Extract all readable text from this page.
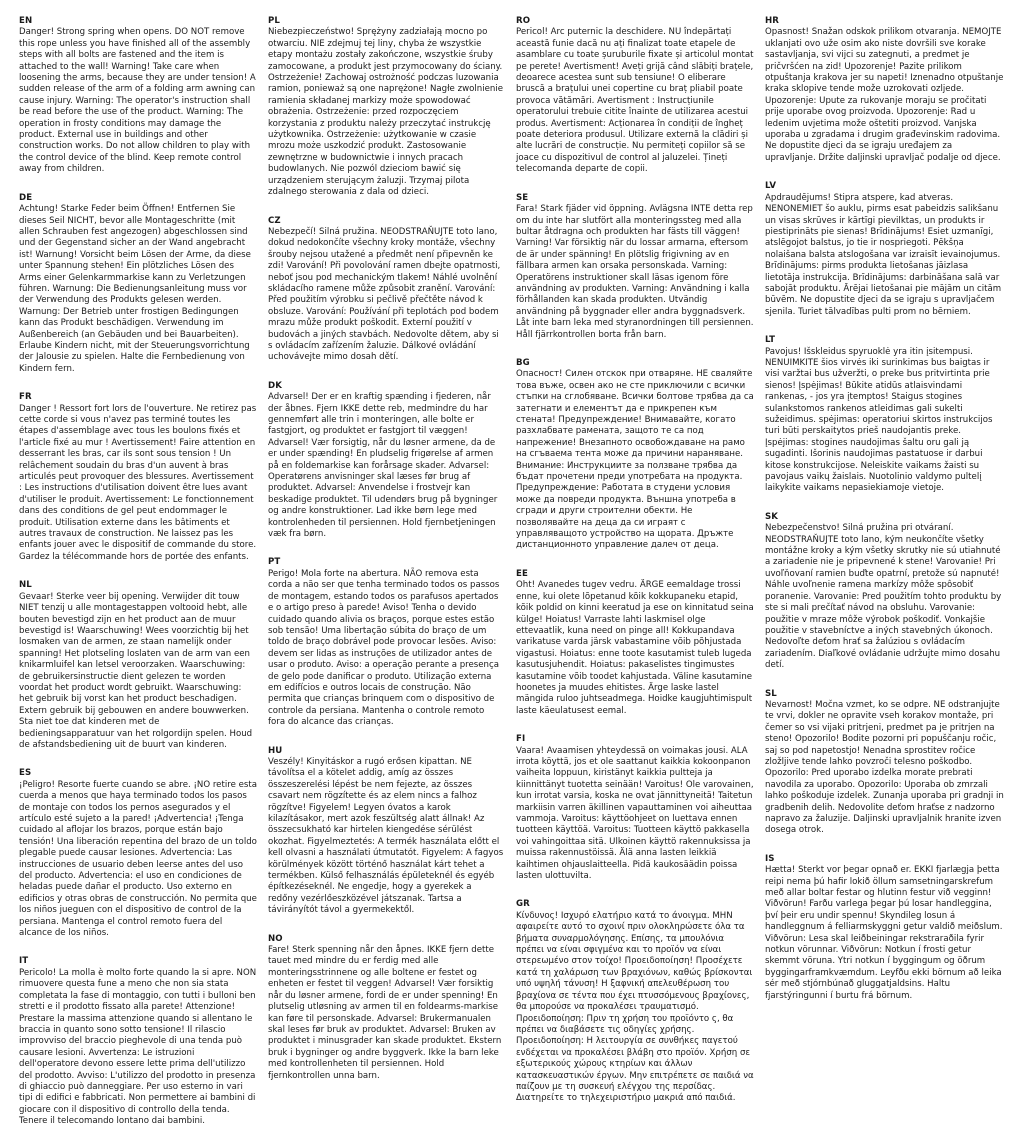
EN

Danger! Strong spring when opens. DO NOT remove this rope unless you have finished all of the assembly steps with all bolts are fastened and the item is attached to the wall! Warning! Take care when loosening the arms, because they are under tension! A sudden release of the arm of a folding arm awning can cause injury. Warning: The operator's instruction shall be read before the use of the product. Warning: The operation in frosty conditions may damage the product. External use in buildings and other construction works. Do not allow children to play with the control device of the blind. Keep remote control away from children.

DE

Achtung! Starke Feder beim Öffnen! Entfernen Sie dieses Seil NICHT, bevor alle Montageschritte (mit allen Schrauben fest angezogen) abgeschlossen sind und der Gegenstand sicher an der Wand angebracht ist! Warnung! Vorsicht beim Lösen der Arme, da diese unter Spannung stehen! Ein plötzliches Lösen des Arms einer Gelenkarmmarkise kann zu Verletzungen führen. Warnung: Die Bedienungsanleitung muss vor der Verwendung des Produkts gelesen werden. Warnung: Der Betrieb unter frostigen Bedingungen kann das Produkt beschädigen. Verwendung im Außenbereich (an Gebäuden und bei Bauarbeiten). Erlaube Kindern nicht, mit der Steuerungsvorrichtung der Jalousie zu spielen. Halte die Fernbedienung von Kindern fern.

FR

Danger ! Ressort fort lors de l'ouverture. Ne retirez pas cette corde si vous n'avez pas terminé toutes les étapes d'assemblage avec tous les boulons fixés et l'article fixé au mur ! Avertissement! Faire attention en desserrant les bras, car ils sont sous tension ! Un relâchement soudain du bras d'un auvent à bras articulés peut provoquer des blessures. Avertissement : Les instructions d'utilisation doivent être lues avant d'utiliser le produit. Avertissement: Le fonctionnement dans des conditions de gel peut endommager le produit. Utilisation externe dans les bâtiments et autres travaux de construction. Ne laissez pas les enfants jouer avec le dispositif de commande du store. Gardez la télécommande hors de portée des enfants.

NL

Gevaar! Sterke veer bij opening. Verwijder dit touw NIET tenzij u alle montagestappen voltooid hebt, alle bouten bevestigd zijn en het product aan de muur bevestigd is! Waarschuwing! Wees voorzichtig bij het losmaken van de armen, ze staan namelijk onder spanning! Het plotseling loslaten van de arm van een knikarmluifel kan letsel veroorzaken. Waarschuwing: de gebruikersinstructie dient gelezen te worden voordat het product wordt gebruikt. Waarschuwing: het gebruik bij vorst kan het product beschadigen. Extern gebruik bij gebouwen en andere bouwwerken. Sta niet toe dat kinderen met de bedieningsapparatuur van het rolgordijn spelen. Houd de afstandsbediening uit de buurt van kinderen.

ES

¡Peligro! Resorte fuerte cuando se abre. ¡NO retire esta cuerda a menos que haya terminado todos los pasos de montaje con todos los pernos asegurados y el artículo esté sujeto a la pared! ¡Advertencia! ¡Tenga cuidado al aflojar los brazos, porque están bajo tensión! Una liberación repentina del brazo de un toldo plegable puede causar lesiones. Advertencia: Las instrucciones de usuario deben leerse antes del uso del producto. Advertencia: el uso en condiciones de heladas puede dañar el producto. Uso externo en edificios y otras obras de construcción. No permita que los niños jueguen con el dispositivo de control de la persiana. Mantenga el control remoto fuera del alcance de los niños.

IT

Pericolo! La molla è molto forte quando la si apre. NON rimuovere questa fune a meno che non sia stata completata la fase di montaggio, con tutti i bulloni ben stretti e il prodotto fissato alla parete! Attenzione! Prestare la massima attenzione quando si allentano le braccia in quanto sono sotto tensione! Il rilascio improvviso del braccio pieghevole di una tenda può causare lesioni. Avvertenza: Le istruzioni dell'operatore devono essere lette prima dell'utilizzo del prodotto. Avviso: L'utilizzo del prodotto in presenza di ghiaccio può danneggiare. Per uso esterno in vari tipi di edifici e fabbricati. Non permettere ai bambini di giocare con il dispositivo di controllo della tenda. Tenere il telecomando lontano dai bambini.

PL

Niebezpieczeństwo! Sprężyny zadziałają mocno po otwarciu. NIE zdejmuj tej liny, chyba że wszystkie etapy montażu zostały zakończone, wszystkie śruby zamocowane, a produkt jest przymocowany do ściany. Ostrzeżenie! Zachowaj ostrożność podczas luzowania ramion, ponieważ są one naprężone! Nagłe zwolnienie ramienia składanej markizy może spowodować obrażenia. Ostrzeżenie: przed rozpoczęciem korzystania z produktu należy przeczytać instrukcję użytkownika. Ostrzeżenie: użytkowanie w czasie mrozu może uszkodzić produkt. Zastosowanie zewnętrzne w budownictwie i innych pracach budowlanych. Nie pozwól dzieciom bawić się urządzeniem sterującym żaluzji. Trzymaj pilota zdalnego sterowania z dala od dzieci.

CZ

Nebezpečí! Silná pružina. NEODSTRAŇUJTE toto lano, dokud nedokončíte všechny kroky montáže, všechny šrouby nejsou utažené a předmět není připevněn ke zdi! Varování! Při povolování ramen dbejte opatrnosti, neboť jsou pod mechanickým tlakem! Náhlé uvolnění skládacího ramene může způsobit zranění. Varování: Před použitím výrobku si pečlivě přečtěte návod k obsluze. Varování: Používání při teplotách pod bodem mrazu může produkt poškodit. Externí použití v budovách a jiných stavbách. Nedovolte dětem, aby si s ovládacím zařízením žaluzie. Dálkové ovládání uchovávejte mimo dosah dětí.

DK

Advarsel! Der er en kraftig spænding i fjederen, når der åbnes. Fjern IKKE dette reb, medmindre du har gennemført alle trin i monteringen, alle bolte er fastgjort, og produktet er fastgjort til væggen! Advarsel! Vær forsigtig, når du løsner armene, da de er under spænding! En pludselig frigørelse af armen på en foldemarkise kan forårsage skader. Advarsel: Operatørens anvisninger skal læses før brug af produktet. Advarsel: Anvendelse i frostvejr kan beskadige produktet. Til udendørs brug på bygninger og andre konstruktioner. Lad ikke børn lege med kontrolenheden til persiennen. Hold fjernbetjeningen væk fra børn.

PT

Perigo! Mola forte na abertura. NÃO remova esta corda a não ser que tenha terminado todos os passos de montagem, estando todos os parafusos apertados e o artigo preso à parede! Aviso! Tenha o devido cuidado quando alivia os braços, porque estes estão sob tensão! Uma libertação súbita do braço de um toldo de braço dobrável pode provocar lesões. Aviso: devem ser lidas as instruções de utilizador antes de usar o produto. Aviso: a operação perante a presença de gelo pode danificar o produto. Utilização externa em edifícios e outros locais de construção. Não permita que crianças brinquem com o dispositivo de controle da persiana. Mantenha o controle remoto fora do alcance das crianças.

HU

Veszély! Kinyitáskor a rugó erősen kipattan. NE távolítsa el a kötelet addig, amíg az összes összeszerelési lépést be nem fejezte, az összes csavart nem rögzítette és az elem nincs a falhoz rögzítve! Figyelem! Legyen óvatos a karok kilazításakor, mert azok feszültség alatt állnak! Az összecsukható kar hirtelen kiengedése sérülést okozhat. Figyelmeztetés: A termék használata előtt el kell olvasni a használati útmutatót. Figyelem: A fagyos körülmények között történő használat kárt tehet a termékben. Külső felhasználás épületeknél és egyéb építkezéseknél. Ne engedje, hogy a gyerekek a redőny vezérlőeszközével játszanak. Tartsa a távirányítót távol a gyermekektől.

NO

Fare! Sterk spenning når den åpnes. IKKE fjern dette tauet med mindre du er ferdig med alle monteringsstrinnene og alle boltene er festet og enheten er festet til veggen! Advarsel! Vær forsiktig når du løsner armene, fordi de er under spenning! En plutselig utløsning av armen til en foldearms-markise kan føre til personskade. Advarsel: Brukermanualen skal leses før bruk av produktet. Advarsel: Bruken av produktet i minusgrader kan skade produktet. Ekstern bruk i bygninger og andre byggverk. Ikke la barn leke med kontrollenheten til persiennen. Hold fjernkontrollen unna barn.

RO

Pericol! Arc puternic la deschidere. NU îndepărtați această funie dacă nu ați finalizat toate etapele de asamblare cu toate șuruburile fixate și articolul montat pe perete! Avertisment! Aveți grijă când slăbiți brațele, deoarece acestea sunt sub tensiune! O eliberare bruscă a brațului unei copertine cu braț pliabil poate provoca vătămări. Avertisment : Instrucțiunile operatorului trebuie citite înainte de utilizarea acestui produs. Avertisment: Acționarea în condiții de îngheț poate deteriora produsul. Utilizare externă la clădiri și alte lucrări de construcție. Nu permiteți copiilor să se joace cu dispozitivul de control al jaluzelei. Țineți telecomanda departe de copii.

SE

Fara! Stark fjäder vid öppning. Avlägsna INTE detta rep om du inte har slutfört alla monteringssteg med alla bultar åtdragna och produkten har fästs till väggen! Varning! Var försiktig när du lossar armarna, eftersom de är under spänning! En plötslig frigivning av en fällbara armen kan orsaka personskada. Varning: Operatörens instruktioner skall läsas igenom före användning av produkten. Varning: Användning i kalla förhållanden kan skada produkten. Utvändig användning på byggnader eller andra byggnadsverk. Låt inte barn leka med styranordningen till persiennen. Håll fjärrkontrollen borta från barn.

BG

Опасност! Силен отскок при отваряне. НЕ сваляйте това въже, освен ако не сте приключили с всички стъпки на сглобяване. Всички болтове трябва да са затегнати и елементът да е прикрепен към стената! Предупреждение! Внимавайте, когато разхлабвате рамената, защото те са под напрежение! Внезапното освобождаване на рамо на сгъваема тента може да причини нараняване. Внимание: Инструкциите за ползване трябва да бъдат прочетени преди употребата на продукта. Предупреждение: Работата в студени условия може да повреди продукта. Външна употреба в сгради и други строителни обекти. Не позволявайте на деца да си играят с управляващото устройство на щората. Дръжте дистанционното управление далеч от деца.

EE

Oht! Avanedes tugev vedru. ÄRGE eemaldage trossi enne, kui olete lõpetanud kõik kokkupaneku etapid, kõik poldid on kinni keeratud ja ese on kinnitatud seina külge! Hoiatus! Varraste lahti laskmisel olge ettevaatlik, kuna need on pinge all! Kokkupandava varikatuse varda järsk vabastamine võib põhjustada vigastusi. Hoiatus: enne toote kasutamist tuleb lugeda kasutusjuhendit. Hoiatus: pakaselistes tingimustes kasutamine võib toodet kahjustada. Väline kasutamine hoonetes ja muudes ehitistes. Ärge laske lastel mängida ruloo juhtseadmega. Hoidke kaugjuhtimispult laste käeulatusest eemal.

FI

Vaara! Avaamisen yhteydessä on voimakas jousi. ALA irrota köyttä, jos et ole saattanut kaikkia kokoonpanon vaiheita loppuun, kiristänyt kaikkia pultteja ja kiinnittänyt tuotetta seinään! Varoitus! Ole varovainen, kun irrotat varsia, koska ne ovat jännittyneitä! Taitetun markiisin varren äkillinen vapauttaminen voi aiheuttaa vammoja. Varoitus: käyttöohjeet on luettava ennen tuotteen käyttöä. Varoitus: Tuotteen käyttö pakkasella voi vahingoittaa sitä. Ulkoinen käyttö rakennuksissa ja muissa rakennustöissä. Älä anna lasten leikkiä kaihtimen ohjauslaitteella. Pidä kaukosäädin poissa lasten ulottuvilta.

GR

Κίνδυνος! Ισχυρό ελατήριο κατά το άνοιγμα. ΜΗΝ αφαιρείτε αυτό το σχοινί πριν ολοκληρώσετε όλα τα βήματα συναρμολόγησης. Επίσης, τα μπουλόνια πρέπει να είναι σφιγμένα και το προϊόν να είναι στερεωμένο στον τοίχο! Προειδοποίηση! Προσέχετε κατά τη χαλάρωση των βραχιόνων, καθώς βρίσκονται υπό υψηλή τάνυση! Η ξαφνική απελευθέρωση του βραχίονα σε τέντα που έχει πτυσσόμενους βραχίονες, θα μπορούσε να προκαλέσει τραυματισμό. Προειδοποίηση: Πριν τη χρήση του προϊόντο ς, θα πρέπει να διαβάσετε τις οδηγίες χρήσης. Προειδοποίηση: Η λειτουργία σε συνθήκες παγετού ενδέχεται να προκαλέσει βλάβη στο προϊόν. Χρήση σε εξωτερικούς χώρους κτηρίων και άλλων κατασκευαστικών έργων. Μην επιτρέπετε σε παιδιά να παίζουν με τη συσκευή ελέγχου της περσίδας. Διατηρείτε το τηλεχειριστήριο μακριά από παιδιά.

HR

Opasnost! Snažan odskok prilikom otvaranja. NEMOJTE uklanjati ovo uže osim ako niste dovršili sve korake sastavljanja, svi vijci su zategnuti, a predmet je pričvršćen na zid! Upozorenje! Pazite prilikom otpuštanja krakova jer su napeti! Iznenadno otpuštanje kraka sklopive tende može uzrokovati ozljede. Upozorenje: Upute za rukovanje moraju se pročitati prije uporabe ovog proizvoda. Upozorenje: Rad u ledenim uvjetima može oštetiti proizvod. Vanjska uporaba u zgradama i drugim građevinskim radovima. Ne dopustite djeci da se igraju uređajem za upravljanje. Držite daljinski upravljač podalje od djece.

LV

Apdraudējums! Stipra atspere, kad atveras. NENONEMIET šo auklu, pirms esat pabeidzis salikšanu un visas skrūves ir kārtīgi pievilktas, un produkts ir piestiprināts pie sienas! Brīdinājums! Esiet uzmanīgi, atslēgojot balstus, jo tie ir nospriegoti. Pēkšņa nolaišana balsta atslogošana var izraisīt ievainojumus. Brīdinājums: pirms produkta lietošanas jāizlasa lietotāja instrukcija. Brīdinājums: darbināšana salā var sabojāt produktu. Ārējai lietošanai pie mājām un citām būvēm. Ne dopustite djeci da se igraju s upravljačem sjenila. Turiet tālvadības pulti prom no bērniem.

LT

Pavojus! Išskleidus spyruoklė yra itin įsitempusi. NENUIMKITE šios virvės iki surinkimas bus baigtas ir visi varžtai bus užveržti, o preke bus pritvirtinta prie sienos! Įspėjimas! Būkite atidūs atlaisvindami rankenas, - jos yra įtemptos! Staigus stogines sulankstomos rankenos atleidimas gali sukelti sužeidimus. spėjimas: operatoriui skirtos instrukcijos turi būti perskaitytos prieš naudojantis preke. Įspėjimas: stogines naudojimas šaltu oru gali ją sugadinti. Išorinis naudojimas pastatuose ir darbui kitose konstrukcijose. Neleiskite vaikams žaisti su pavojaus vaikų žaislais. Nuotolinio valdymo pultelį laikykite vaikams nepasiekiamoje vietoje.

SK

Nebezpečenstvo! Silná pružina pri otváraní. NEODSTRAŇUJTE toto lano, kým neukončíte všetky montážne kroky a kým všetky skrutky nie sú utiahnuté a zariadenie nie je pripevnené k stene! Varovanie! Pri uvoľňovaní ramien buďte opatrní, pretože sú napnuté! Náhle uvoľnenie ramena markízy môže spôsobiť poranenie. Varovanie: Pred použitím tohto produktu by ste si mali prečítať návod na obsluhu. Varovanie: použitie v mraze môže výrobok poškodiť. Vonkajšie použitie v stavebníctve a iných stavebných úkonoch. Nedovoľte deťom hrať sa žalúziou s ovládacím zariadením. Diaľkové ovládanie udržujte mimo dosahu detí.

SL

Nevarnost! Močna vzmet, ko se odpre. NE odstranjujte te vrvi, dokler ne opravite vseh korakov montaže, pri čemer so vsi vijaki pritrjeni, predmet pa je pritrjen na steno! Opozorilo! Bodite pozorni pri popuščanju ročic, saj so pod napetostjo! Nenadna sprostitev ročice zložljive tende lahko povzroči telesno poškodbo. Opozorilo: Pred uporabo izdelka morate prebrati navodila za uporabo. Opozorilo: Uporaba ob zmrzali lahko poškoduje izdelek. Zunanja uporaba pri gradnji in gradbenih delih. Nedovolite deťom hraťse z nadzorno napravo za žaluzije. Daljinski upravljalnik hranite izven dosega otrok.

IS

Hætta! Sterkt vor þegar opnað er. EKKI fjarlægja þetta reipi nema þú hafir lokið öllum samsetningarskrefum með allar boltar festar og hlutinn festur við vegginn! Viðvörun! Farðu varlega þegar þú losar handleggina, því þeir eru undir spennu! Skyndileg losun á handleggnum á felliarmskyggni getur valdið meiðslum. Viðvörun: Lesa skal leiðbeiningar rekstraraðila fyrir notkun vörunnar. Viðvörun: Notkun í frosti getur skemmt vöruna. Ytri notkun í byggingum og öðrum byggingarframkvæmdum. Leyfðu ekki börnum að leika sér með stjórnbúnað gluggatjaldsins. Haltu fjarstýringunni í burtu frá börnum.
